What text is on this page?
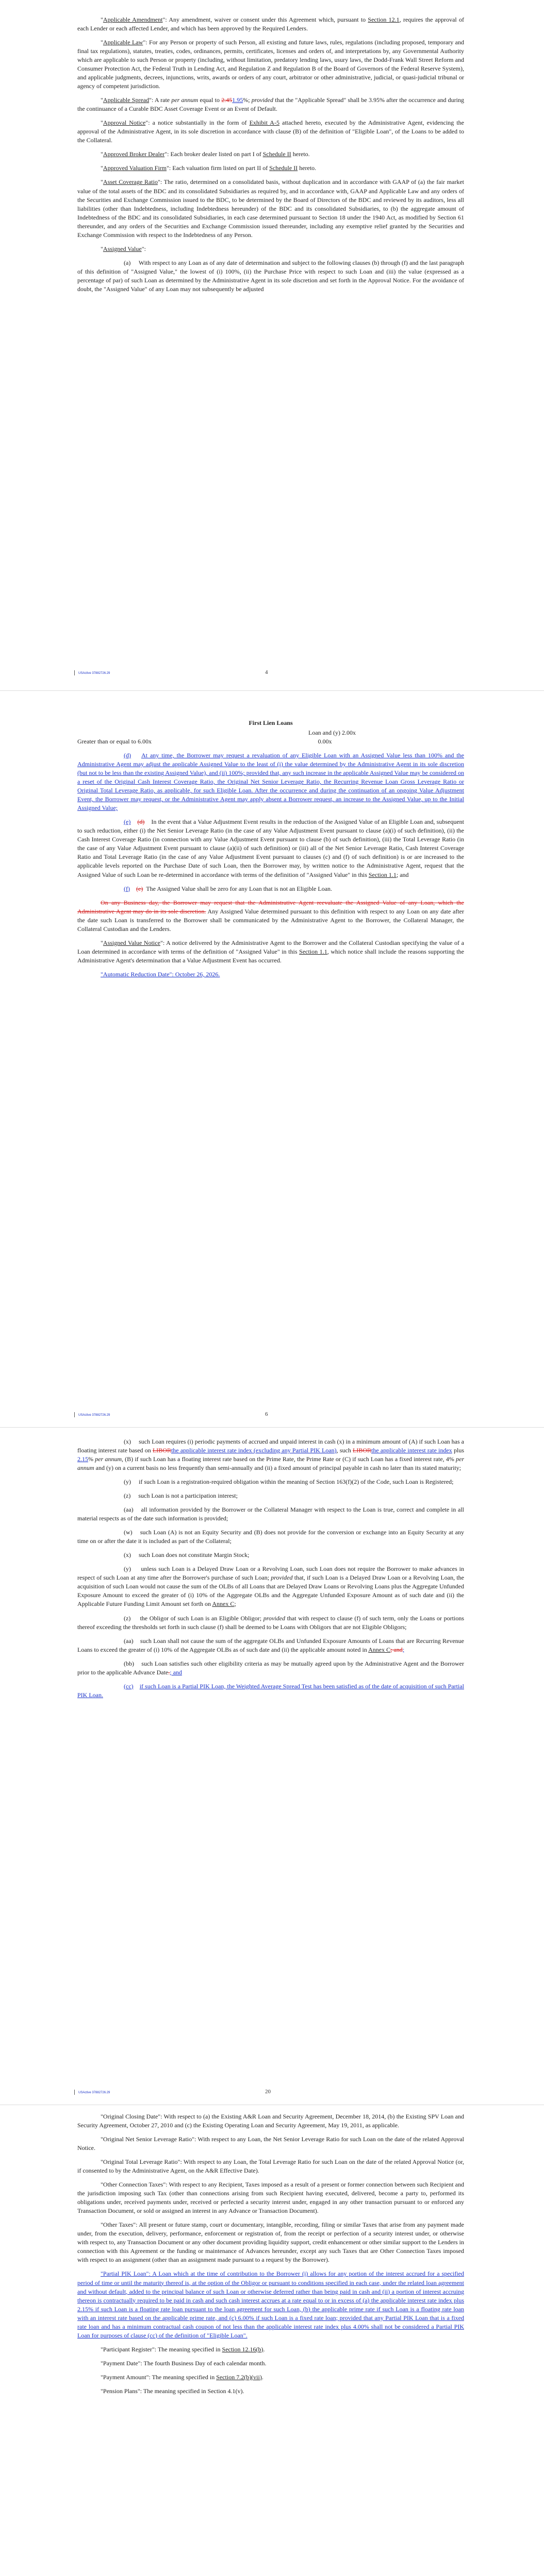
"Applicable Amendment": Any amendment, waiver or consent under this Agreement which, pursuant to Section 12.1, requires the approval of each Lender or each affected Lender, and which has been approved by the Required Lenders.

"Applicable Law": For any Person or property of such Person, all existing and future laws, rules, regulations (including proposed, temporary and final tax regulations), statutes, treaties, codes, ordinances, permits, certificates, licenses and orders of, and interpretations by, any Governmental Authority which are applicable to such Person or property (including, without limitation, predatory lending laws, usury laws, the Dodd-Frank Wall Street Reform and Consumer Protection Act, the Federal Truth in Lending Act, and Regulation Z and Regulation B of the Board of Governors of the Federal Reserve System), and applicable judgments, decrees, injunctions, writs, awards or orders of any court, arbitrator or other administrative, judicial, or quasi-judicial tribunal or agency of competent jurisdiction.

"Applicable Spread": A rate per annum equal to 2.451.95%; provided that the "Applicable Spread" shall be 3.95% after the occurrence and during the continuance of a Curable BDC Asset Coverage Event or an Event of Default.

"Approval Notice": a notice substantially in the form of Exhibit A-5 attached hereto, executed by the Administrative Agent, evidencing the approval of the Administrative Agent, in its sole discretion in accordance with clause (B) of the definition of "Eligible Loan", of the Loans to be added to the Collateral.

"Approved Broker Dealer": Each broker dealer listed on part I of Schedule II hereto.

"Approved Valuation Firm": Each valuation firm listed on part II of Schedule II hereto.

"Asset Coverage Ratio": The ratio, determined on a consolidated basis, without duplication and in accordance with GAAP of (a) the fair market value of the total assets of the BDC and its consolidated Subsidiaries as required by, and in accordance with, GAAP and Applicable Law and any orders of the Securities and Exchange Commission issued to the BDC, to be determined by the Board of Directors of the BDC and reviewed by its auditors, less all liabilities (other than Indebtedness, including Indebtedness hereunder) of the BDC and its consolidated Subsidiaries, to (b) the aggregate amount of Indebtedness of the BDC and its consolidated Subsidiaries, in each case determined pursuant to Section 18 under the 1940 Act, as modified by Section 61 thereunder, and any orders of the Securities and Exchange Commission issued thereunder, including any exemptive relief granted by the Securities and Exchange Commission with respect to the Indebtedness of any Person.

"Assigned Value":

(a)     With respect to any Loan as of any date of determination and subject to the following clauses (b) through (f) and the last paragraph of this definition of "Assigned Value," the lowest of (i) 100%, (ii) the Purchase Price with respect to such Loan and (iii) the value (expressed as a percentage of par) of such Loan as determined by the Administrative Agent in its sole discretion and set forth in the Approval Notice. For the avoidance of doubt, the "Assigned Value" of any Loan may not subsequently be adjusted

USActive 37882726.29	4

First Lien Loans

Loan and (y) 2.00x
Greater than or equal to 6.00x	0.00x

(d) At any time, the Borrower may request a revaluation of any Eligible Loan with an Assigned Value less than 100% and the Administrative Agent may adjust the applicable Assigned Value to the least of (i) the value determined by the Administrative Agent in its sole discretion (but not to be less than the existing Assigned Value), and (ii) 100%; provided that, any such increase in the applicable Assigned Value may be considered on a reset of the Original Cash Interest Coverage Ratio, the Original Net Senior Leverage Ratio, the Recurring Revenue Loan Gross Leverage Ratio or Original Total Leverage Ratio, as applicable, for such Eligible Loan. After the occurrence and during the continuation of an ongoing Value Adjustment Event, the Borrower may request, or the Administrative Agent may apply absent a Borrower request, an increase to the Assigned Value, up to the Initial Assigned Value;

(e) (d) In the event that a Value Adjustment Event results in the reduction of the Assigned Value of an Eligible Loan and, subsequent to such reduction, either (i) the Net Senior Leverage Ratio (in the case of any Value Adjustment Event pursuant to clause (a)(i) of such definition), (ii) the Cash Interest Coverage Ratio (in connection with any Value Adjustment Event pursuant to clause (b) of such definition), (iii) the Total Leverage Ratio (in the case of any Value Adjustment Event pursuant to clause (a)(ii) of such definition) or (iii) all of the Net Senior Leverage Ratio, Cash Interest Coverage Ratio and Total Leverage Ratio (in the case of any Value Adjustment Event pursuant to clauses (c) and (f) of such definition) is or are increased to the applicable levels reported on the Purchase Date of such Loan, then the Borrower may, by written notice to the Administrative Agent, request that the Assigned Value of such Loan be re-determined in accordance with terms of the definition of "Assigned Value" in this Section 1.1; and

(f) (e) The Assigned Value shall be zero for any Loan that is not an Eligible Loan.

On any Business day, the Borrower may request that the Administrative Agent reevaluate the Assigned Value of any Loan, which the Administrative Agent may do in its sole discretion. Any Assigned Value determined pursuant to this definition with respect to any Loan on any date after the date such Loan is transferred to the Borrower shall be communicated by the Administrative Agent to the Borrower, the Collateral Manager, the Collateral Custodian and the Lenders.

"Assigned Value Notice": A notice delivered by the Administrative Agent to the Borrower and the Collateral Custodian specifying the value of a Loan determined in accordance with terms of the definition of "Assigned Value" in this Section 1.1, which notice shall include the reasons supporting the Administrative Agent's determination that a Value Adjustment Event has occurred.

"Automatic Reduction Date": October 26, 2026.

USActive 37882726.29	6

(x) such Loan requires (i) periodic payments of accrued and unpaid interest in cash (x) in a minimum amount of (A) if such Loan has a floating interest rate based on LIBORthe applicable interest rate index (excluding any Partial PIK Loan), such LIBORthe applicable interest rate index plus 2.15% per annum, (B) if such Loan has a floating interest rate based on the Prime Rate, the Prime Rate or (C) if such Loan has a fixed interest rate, 4% per annum and (y) on a current basis no less frequently than semi-annually and (ii) a fixed amount of principal payable in cash no later than its stated maturity;

(y)     if such Loan is a registration-required obligation within the meaning of Section 163(f)(2) of the Code, such Loan is Registered;

(z)     such Loan is not a participation interest;

(aa)    all information provided by the Borrower or the Collateral Manager with respect to the Loan is true, correct and complete in all material respects as of the date such information is provided;

(w)    such Loan (A) is not an Equity Security and (B) does not provide for the conversion or exchange into an Equity Security at any time on or after the date it is included as part of the Collateral;

(x)     such Loan does not constitute Margin Stock;

(y)     unless such Loan is a Delayed Draw Loan or a Revolving Loan, such Loan does not require the Borrower to make advances in respect of such Loan at any time after the Borrower's purchase of such Loan; provided that, if such Loan is a Delayed Draw Loan or a Revolving Loan, the acquisition of such Loan would not cause the sum of the OLBs of all Loans that are Delayed Draw Loans or Revolving Loans plus the Aggregate Unfunded Exposure Amount to exceed the greater of (i) 10% of the Aggregate OLBs and the Aggregate Unfunded Exposure Amount as of such date and (ii) the Applicable Future Funding Limit Amount set forth on Annex C;

(z)     the Obligor of such Loan is an Eligible Obligor; provided that with respect to clause (f) of such term, only the Loans or portions thereof exceeding the thresholds set forth in such clause (f) shall be deemed to be Loans with Obligors that are not Eligible Obligors;

(aa)    such Loan shall not cause the sum of the aggregate OLBs and Unfunded Exposure Amounts of Loans that are Recurring Revenue Loans to exceed the greater of (i) 10% of the Aggregate OLBs as of such date and (ii) the applicable amount noted in Annex C; and;

(bb)    such Loan satisfies such other eligibility criteria as may be mutually agreed upon by the Administrative Agent and the Borrower prior to the applicable Advance Date.; and

(cc) if such Loan is a Partial PIK Loan, the Weighted Average Spread Test has been satisfied as of the date of acquisition of such Partial PIK Loan.

USActive 37882726.29	20

"Original Closing Date": With respect to (a) the Existing A&R Loan and Security Agreement, December 18, 2014, (b) the Existing SPV Loan and Security Agreement, October 27, 2010 and (c) the Existing Operating Loan and Security Agreement, May 19, 2011, as applicable.

"Original Net Senior Leverage Ratio": With respect to any Loan, the Net Senior Leverage Ratio for such Loan on the date of the related Approval Notice.

"Original Total Leverage Ratio": With respect to any Loan, the Total Leverage Ratio for such Loan on the date of the related Approval Notice (or, if consented to by the Administrative Agent, on the A&R Effective Date).

"Other Connection Taxes": With respect to any Recipient, Taxes imposed as a result of a present or former connection between such Recipient and the jurisdiction imposing such Tax (other than connections arising from such Recipient having executed, delivered, become a party to, performed its obligations under, received payments under, received or perfected a security interest under, engaged in any other transaction pursuant to or enforced any Transaction Document, or sold or assigned an interest in any Advance or Transaction Document).

"Other Taxes": All present or future stamp, court or documentary, intangible, recording, filing or similar Taxes that arise from any payment made under, from the execution, delivery, performance, enforcement or registration of, from the receipt or perfection of a security interest under, or otherwise with respect to, any Transaction Document or any other document providing liquidity support, credit enhancement or other similar support to the Lenders in connection with this Agreement or the funding or maintenance of Advances hereunder, except any such Taxes that are Other Connection Taxes imposed with respect to an assignment (other than an assignment made pursuant to a request by the Borrower).

"Partial PIK Loan": A Loan which at the time of contribution to the Borrower (i) allows for any portion of the interest accrued for a specified period of time or until the maturity thereof is, at the option of the Obligor or pursuant to conditions specified in each case, under the related loan agreement and without default, added to the principal balance of such Loan or otherwise deferred rather than being paid in cash and (ii) a portion of interest accruing thereon is contractually required to be paid in cash and such cash interest accrues at a rate equal to or in excess of (a) the applicable interest rate index plus 2.15% if such Loan is a floating rate loan pursuant to the loan agreement for such Loan, (b) the applicable prime rate if such Loan is a floating rate loan with an interest rate based on the applicable prime rate, and (c) 6.00% if such Loan is a fixed rate loan; provided that any Partial PIK Loan that is a fixed rate loan and has a minimum contractual cash coupon of not less than the applicable interest rate index plus 4.00% shall not be considered a Partial PIK Loan for purposes of clause (cc) of the definition of "Eligible Loan".

"Participant Register": The meaning specified in Section 12.16(b).

"Payment Date": The fourth Business Day of each calendar month.

"Payment Amount": The meaning specified in Section 7.2(b)(vii).

"Pension Plans": The meaning specified in Section 4.1(v).
